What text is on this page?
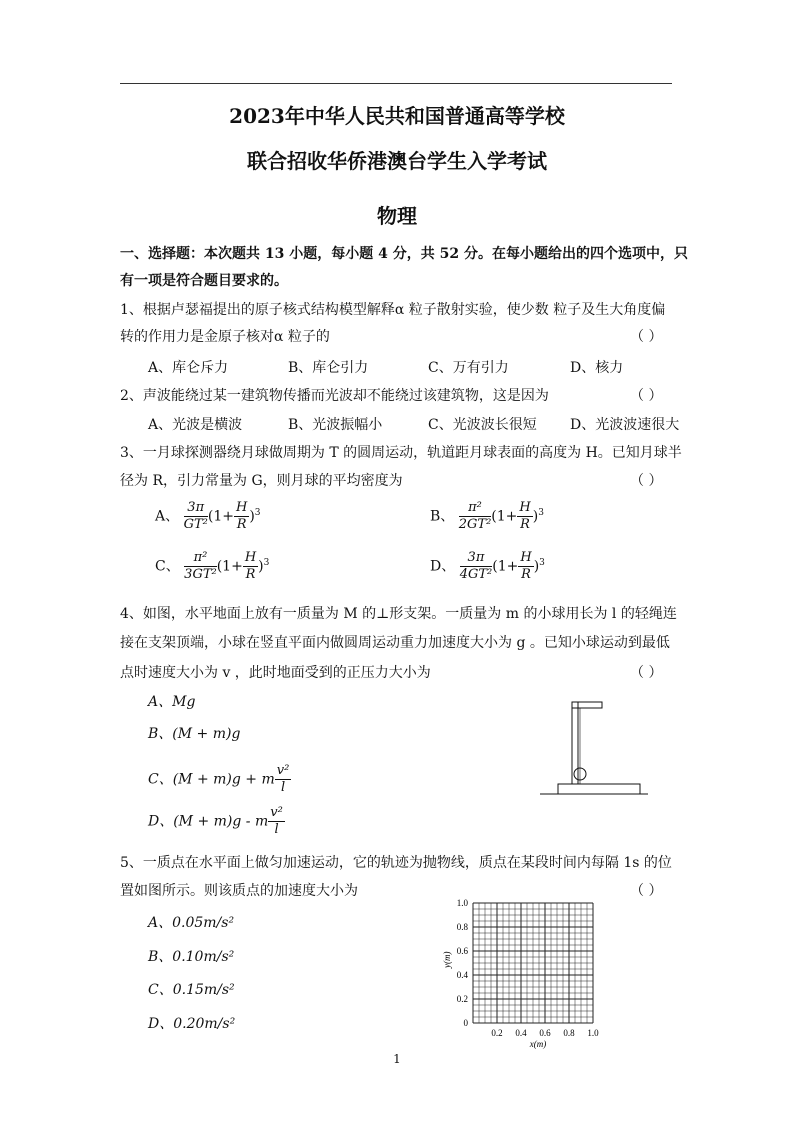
2023年中华人民共和国普通高等学校
联合招收华侨港澳台学生入学考试
物理
一、选择题：本次题共 13 小题，每小题 4 分，共 52 分。在每小题给出的四个选项中，只
有一项是符合题目要求的。
1、根据卢瑟福提出的原子核式结构模型解释α 粒子散射实验，使少数 粒子及生大角度偏
转的作用力是金原子核对α 粒子的	（ ）
A、库仑斥力	B、库仑引力	C、万有引力	D、核力
2、声波能绕过某一建筑物传播而光波却不能绕过该建筑物，这是因为	（ ）
A、光波是横波	B、光波振幅小	C、光波波长很短 D、光波波速很大
3、一月球探测器绕月球做周期为 T 的圆周运动，轨道距月球表面的高度为 H。已知月球半
径为 R，引力常量为 G，则月球的平均密度为	（ ）
A、 $\frac{3\pi}{\text{GT²}} (1+ \frac{H}{R} )^3$	B、 $\frac{\text{π²}}{\text{2GT²}} (1+ \frac{H}{R} )^3$
C、 $\frac{\text{π²}}{\text{3GT²}} (1+ \frac{H}{R} )^3$	D、 $\frac{3\pi}{\text{4GT²}} (1+ \frac{H}{R} )^3$
4、如图，水平地面上放有一质量为 M 的⊥形支架。一质量为 m 的小球用长为 l 的轻绳连
接在支架顶端，小球在竖直平面内做圆周运动重力加速度大小为 g 。已知小球运动到最低
点时速度大小为 v ，此时地面受到的正压力大小为	（ ）
A、Mg
B、(M + m)g
C、(M + m)g + m $\frac{\text{v²}}{l}$
D、(M + m)g - m $\frac{\text{v²}}{l}$
5、一质点在水平面上做匀加速运动，它的轨迹为抛物线，质点在某段时间内每隔 1s 的位
置如图所示。则该质点的加速度大小为	（ ）
A、0.05m/s²
B、0.10m/s²
C、0.15m/s²
D、0.20m/s²
y(m)
x(m)
1.0
0.8
0.6
0.4
0.2
0
0.2 0.4 0.6 0.8 1.0
1
